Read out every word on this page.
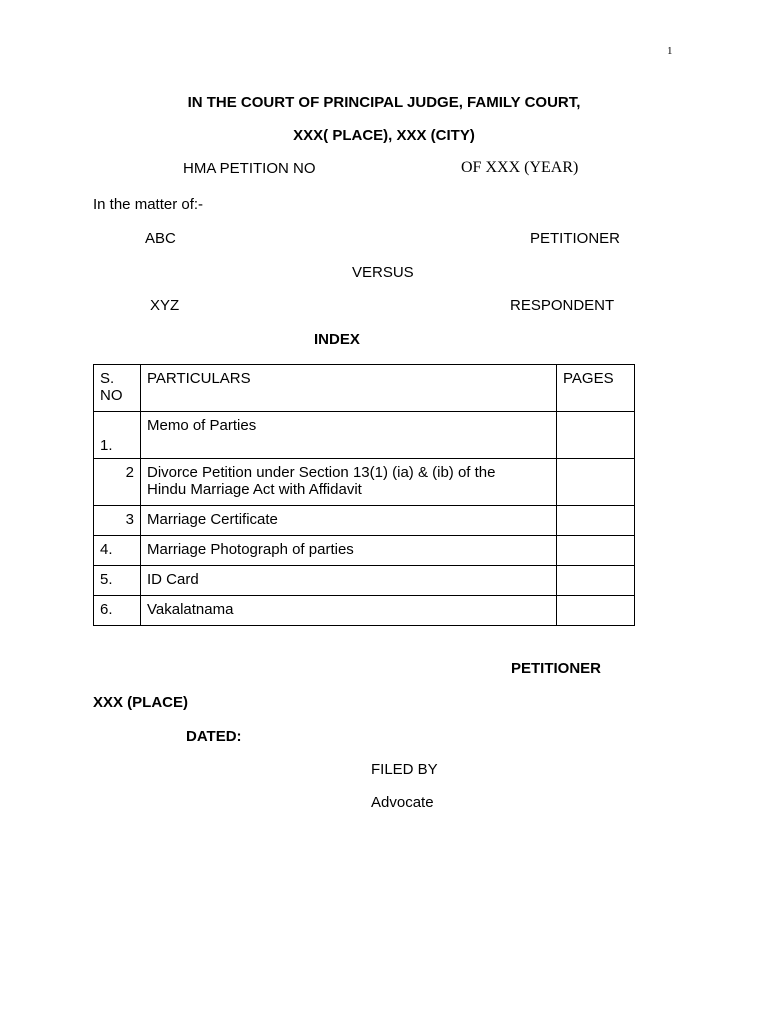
1
IN THE COURT OF PRINCIPAL JUDGE, FAMILY COURT,
XXX( PLACE), XXX (CITY)
HMA PETITION NO	OF XXX (YEAR)
In the matter of:-
ABC	PETITIONER
VERSUS
XYZ	RESPONDENT
INDEX
S.
NO	PARTICULARS	PAGES
1.	Memo of Parties	
2	Divorce Petition under Section 13(1) (ia) & (ib) of the
Hindu Marriage Act with Affidavit	

3	Marriage Certificate	
4.	Marriage Photograph of parties	
5.	ID Card	
6.	Vakalatnama	
PETITIONER
XXX (PLACE)
DATED:
FILED BY
Advocate
